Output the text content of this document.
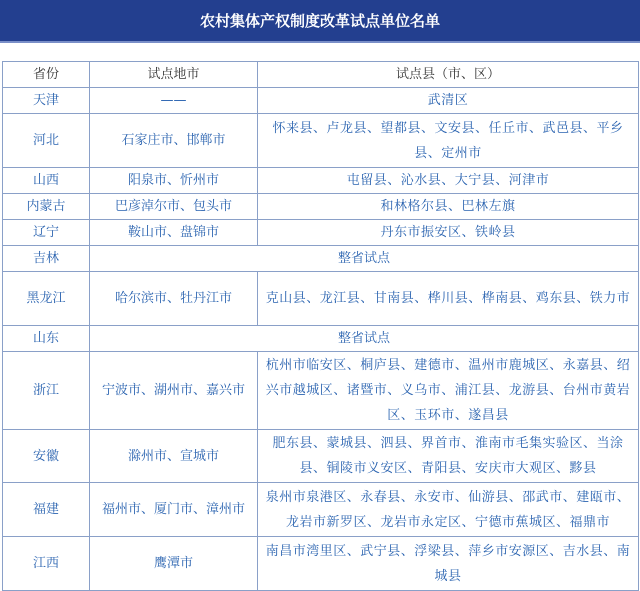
农村集体产权制度改革试点单位名单
省份	试点地市	试点县（市、区）
天津	——	武清区
河北	石家庄市、邯郸市	怀来县、卢龙县、望都县、文安县、任丘市、武邑县、平乡县、定州市
山西	阳泉市、忻州市	屯留县、沁水县、大宁县、河津市
内蒙古	巴彦淖尔市、包头市	和林格尔县、巴林左旗
辽宁	鞍山市、盘锦市	丹东市振安区、铁岭县
吉林	整省试点	
黑龙江	哈尔滨市、牡丹江市	克山县、龙江县、甘南县、桦川县、桦南县、鸡东县、铁力市
山东	整省试点	
浙江	宁波市、湖州市、嘉兴市	杭州市临安区、桐庐县、建德市、温州市鹿城区、永嘉县、绍兴市越城区、诸暨市、义乌市、浦江县、龙游县、台州市黄岩区、玉环市、遂昌县
安徽	滁州市、宣城市	肥东县、蒙城县、泗县、界首市、淮南市毛集实验区、当涂县、铜陵市义安区、青阳县、安庆市大观区、黟县
福建	福州市、厦门市、漳州市	泉州市泉港区、永春县、永安市、仙游县、邵武市、建瓯市、龙岩市新罗区、龙岩市永定区、宁德市蕉城区、福鼎市
江西	鹰潭市	南昌市湾里区、武宁县、浮梁县、萍乡市安源区、吉水县、南城县
